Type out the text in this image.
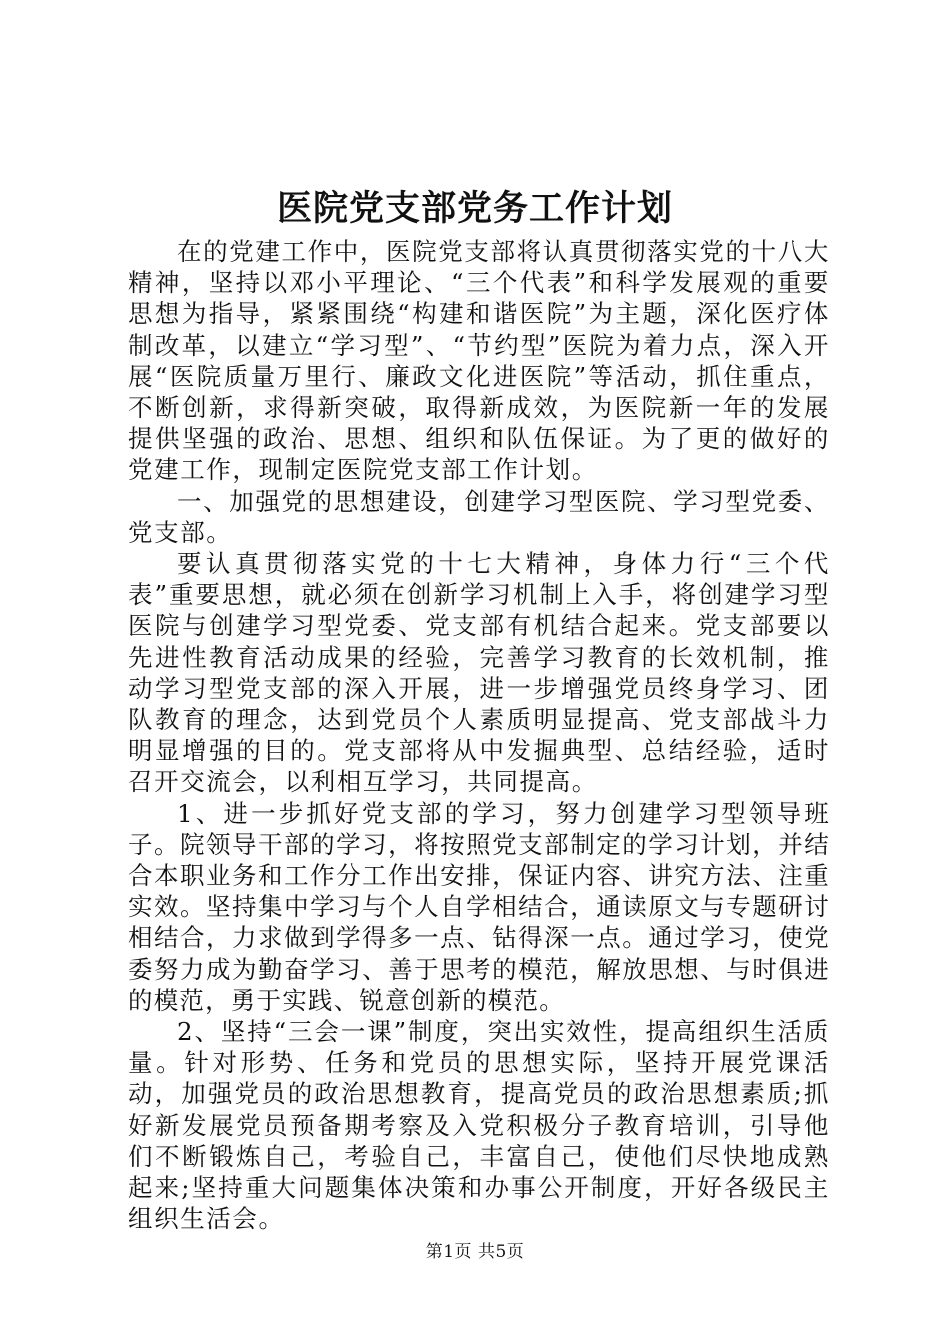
医院党支部党务工作计划

在的党建工作中，医院党支部将认真贯彻落实党的十八大精神，坚持以邓小平理论、“三个代表”和科学发展观的重要思想为指导，紧紧围绕“构建和谐医院”为主题，深化医疗体制改革，以建立“学习型”、“节约型”医院为着力点，深入开展“医院质量万里行、廉政文化进医院”等活动，抓住重点，不断创新，求得新突破，取得新成效，为医院新一年的发展提供坚强的政治、思想、组织和队伍保证。为了更的做好的党建工作，现制定医院党支部工作计划。

一、加强党的思想建设，创建学习型医院、学习型党委、党支部。

要认真贯彻落实党的十七大精神，身体力行“三个代表”重要思想，就必须在创新学习机制上入手，将创建学习型医院与创建学习型党委、党支部有机结合起来。党支部要以先进性教育活动成果的经验，完善学习教育的长效机制，推动学习型党支部的深入开展，进一步增强党员终身学习、团队教育的理念，达到党员个人素质明显提高、党支部战斗力明显增强的目的。党支部将从中发掘典型、总结经验，适时召开交流会，以利相互学习，共同提高。

1、进一步抓好党支部的学习，努力创建学习型领导班子。院领导干部的学习，将按照党支部制定的学习计划，并结合本职业务和工作分工作出安排，保证内容、讲究方法、注重实效。坚持集中学习与个人自学相结合，通读原文与专题研讨相结合，力求做到学得多一点、钻得深一点。通过学习，使党委努力成为勤奋学习、善于思考的模范，解放思想、与时俱进的模范，勇于实践、锐意创新的模范。

2、坚持“三会一课”制度，突出实效性，提高组织生活质量。针对形势、任务和党员的思想实际，坚持开展党课活动，加强党员的政治思想教育，提高党员的政治思想素质;抓好新发展党员预备期考察及入党积极分子教育培训，引导他们不断锻炼自己，考验自己，丰富自己，使他们尽快地成熟起来;坚持重大问题集体决策和办事公开制度，开好各级民主组织生活会。

第1页 共5页
